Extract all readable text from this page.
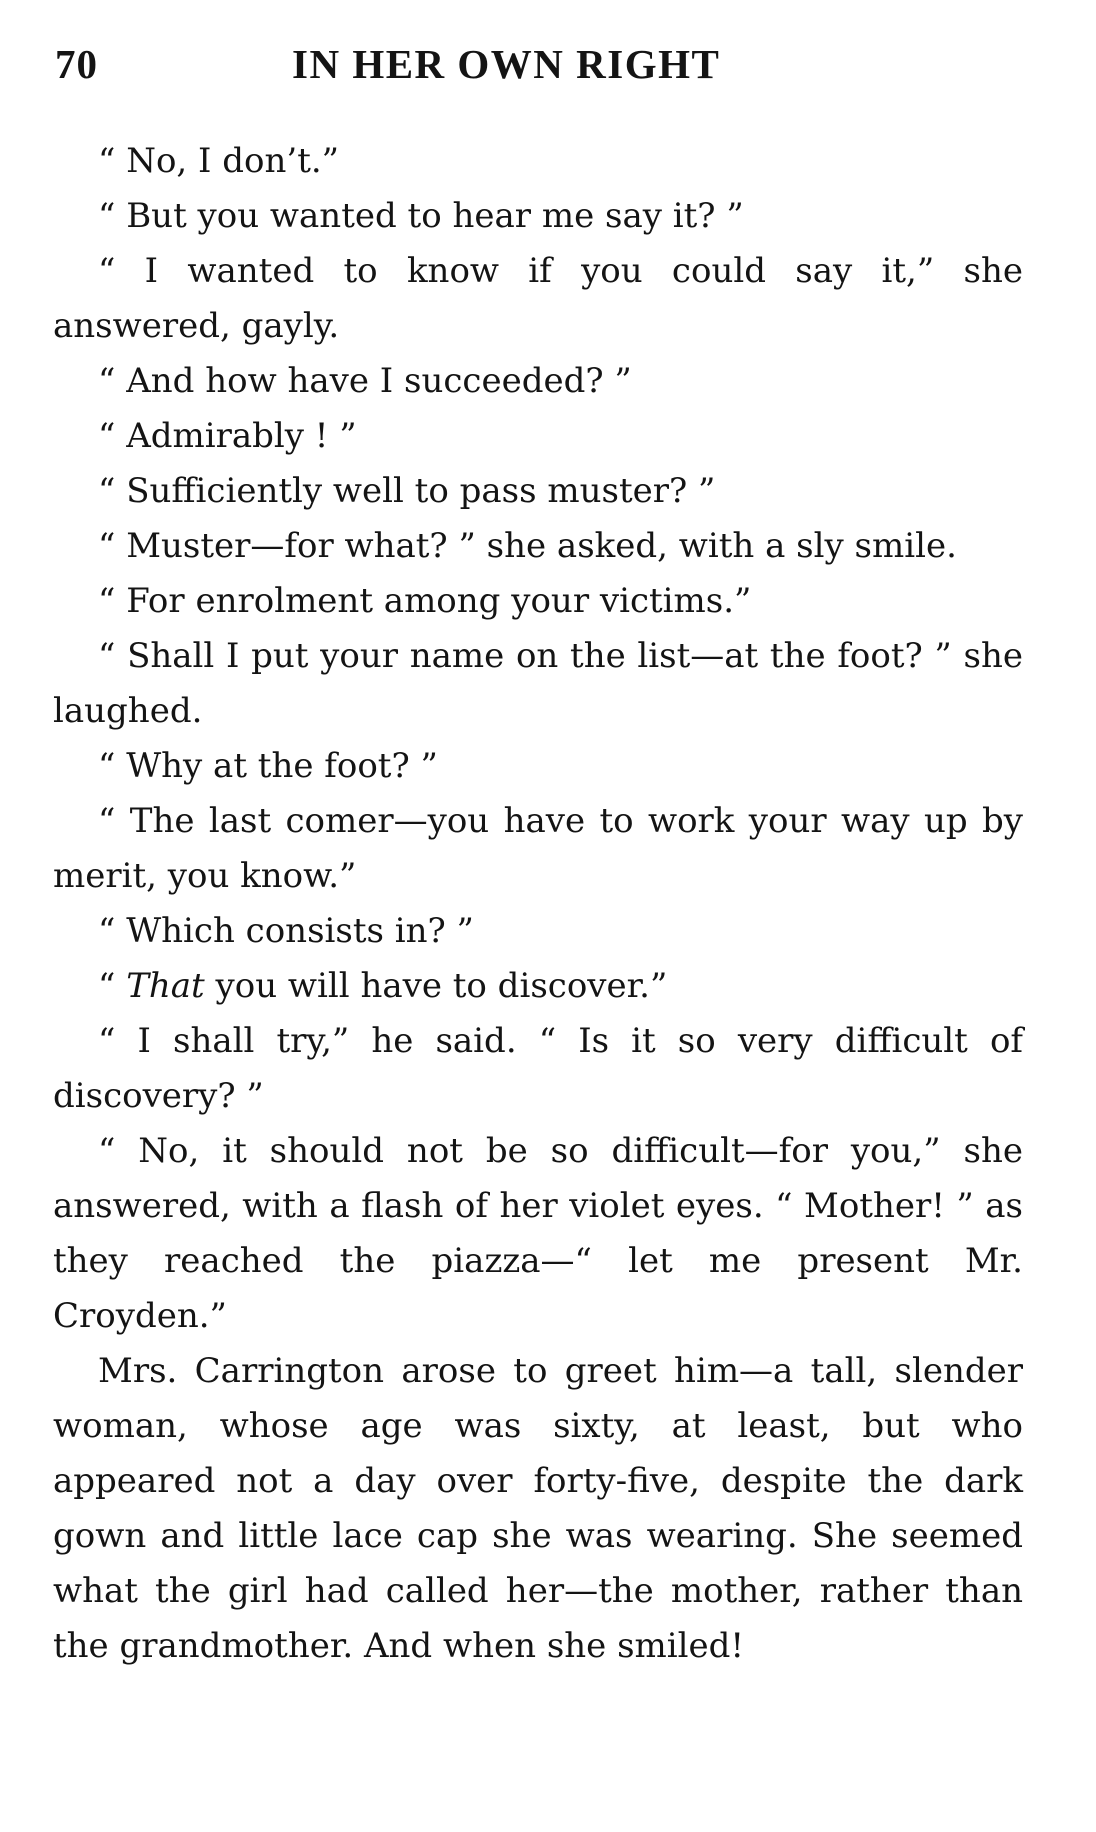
70	IN HER OWN RIGHT

“ No, I don’t.”

“ But you wanted to hear me say it? ”

“ I wanted to know if you could say it,” she answered, gayly.

“ And how have I succeeded? ”

“ Admirably ! ”

“ Sufficiently well to pass muster? ”

“ Muster—for what? ” she asked, with a sly smile.

“ For enrolment among your victims.”

“ Shall I put your name on the list—at the foot? ” she laughed.

“ Why at the foot? ”

“ The last comer—you have to work your way up by merit, you know.”

“ Which consists in? ”

“ That you will have to discover.”

“ I shall try,” he said. “ Is it so very difficult of discovery? ”

“ No, it should not be so difficult—for you,” she answered, with a flash of her violet eyes. “ Mother! ” as they reached the piazza—“ let me present Mr. Croyden.”

Mrs. Carrington arose to greet him—a tall, slender woman, whose age was sixty, at least, but who appeared not a day over forty-five, despite the dark gown and little lace cap she was wearing. She seemed what the girl had called her—the mother, rather than the grandmother. And when she smiled!
